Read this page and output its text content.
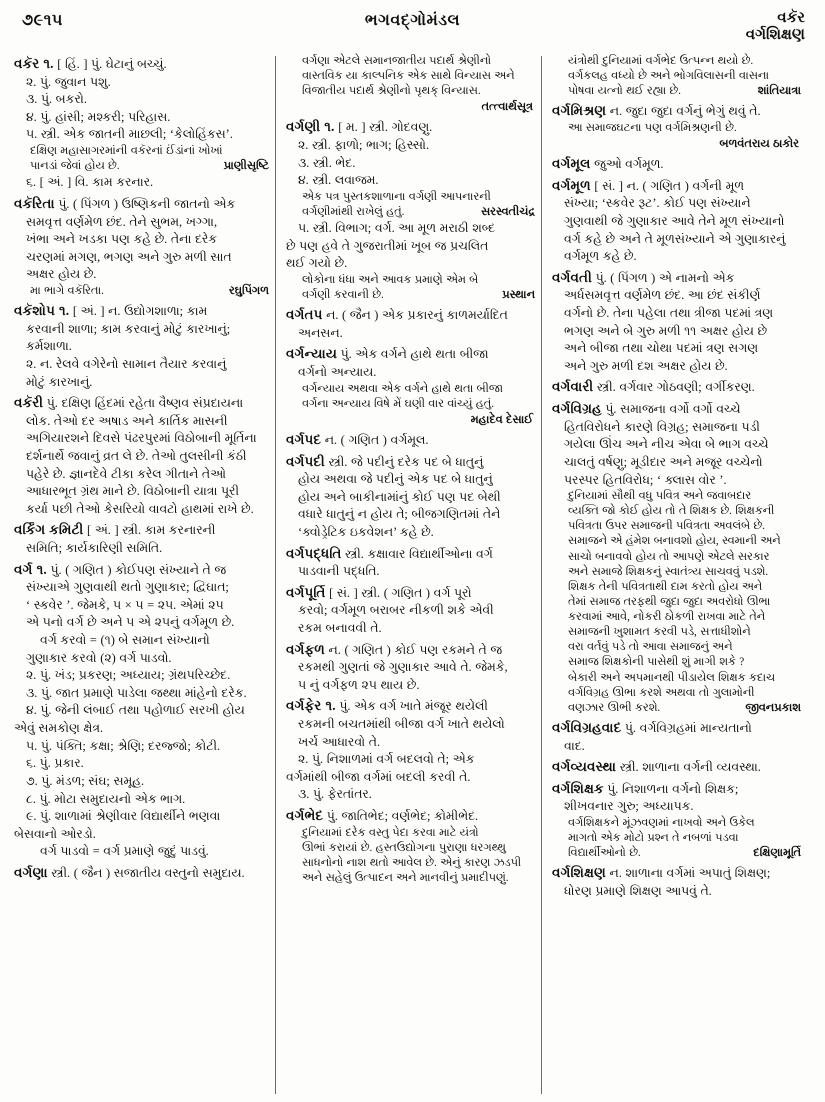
૭૯૧૫	ભગવદ્ગોમંડલ	વકૅર
વર્ગશિક્ષણ

વકૅર ૧. [ હિં. ] પું. ઘેટાનું બચ્ચું.

૨. પું. જુવાન પશુ.

૩. પું. બકરો.

૪. પું. હાંસી; મશ્કરી; પરિહાસ.

૫. સ્ત્રી. એક જાતની માછલી; ‘કેલોહિંકસ’.

દક્ષિણ મહાસાગરમાંની વકૅરનાં ઈંડાંનાં ખોખાં

પાનડાં જેવાં હોય છે.	પ્રાણીસૃષ્ટિ

૬. [ અં. ] વિ. કામ કરનાર.

વકૅરિતા પું. ( પિંગળ ) ઉષ્ણિકની જાતનો એક

સમવૃત્ત વર્ણમેળ છંદ. તેને સુભમ, ખગ્ગા,

ખંભા અને ખડકા પણ કહે છે. તેના દરેક

ચરણમાં મગણ, ભગણ અને ગુરુ મળી સાત

અક્ષર હોય છે.

મા ભાગે વકૅરિતા.	રઘુપિંગળ

વકૅશોપ ૧. [ અં. ] ન. ઉદ્યોગશાળા; કામ

કરવાની શાળા; કામ કરવાનું મોટું કારખાનું;

કર્મશાળા.

૨. ન. રેલવે વગેરેનો સામાન તૈયાર કરવાનું

મોટું કારખાનું.

વકૅરી પું. દક્ષિણ હિંદમાં રહેતા વૈષ્ણવ સંપ્રદાયના

લોક. તેઓ દર અષાડ અને કાર્તિક માસની

અગિયારશને દિવસે પંઢરપુરમાં વિઠોબાની મૂર્તિના

દર્શનાર્થે જવાનું વ્રત લે છે. તેઓ તુલસીની કંઠી

પહેરે છે. જ્ઞાનદેવે ટીકા કરેલ ગીતાને તેઓ

આધારભૂત ગ્રંથ માને છે. વિઠોબાની યાત્રા પૂરી

કર્યા પછી તેઓ કેસરિયો વાવટો હાથમાં રાખે છે.

વર્કિંગ કમિટી [ અં. ] સ્ત્રી. કામ કરનારની

સમિતિ; કાર્યકારિણી સમિતિ.

વર્ગ ૧. પું. ( ગણિત ) કોઈપણ સંખ્યાને તે જ

સંખ્યાએ ગુણવાથી થતો ગુણાકાર; દ્વિઘાત;

‘ સ્કવેર ’. જેમકે, ૫ × ૫ = ૨૫. એમાં ૨૫

એ ૫નો વર્ગ છે અને ૫ એ ૨૫નું વર્ગમૂળ છે.

વર્ગ કરવો = (૧) બે સમાન સંખ્યાનો

ગુણાકાર કરવો (૨) વર્ગ પાડવો.

૨. પું. ખંડ; પ્રકરણ; અધ્યાય; ગ્રંથપરિચ્છેદ.

૩. પું. જાત પ્રમાણે પાડેલા જથ્થા માંહેનો દરેક.

૪. પું. જેની લંબાઈ તથા પહોળાઈ સરખી હોય

એવું સમકોણ ક્ષેત્ર.

૫. પું. પંક્તિ; કક્ષા; શ્રેણિ; દરજ્જો; કોટી.

૬. પું. પ્રકાર.

૭. પું. મંડળ; સંઘ; સમૂહ.

૮. પું. મોટા સમુદાયનો એક ભાગ.

૯. પું. શાળામાં શ્રેણીવાર વિદ્યાર્થીને ભણવા

બેસવાનો ઓરડો.

વર્ગ પાડવો = વર્ગ પ્રમાણે જુદું પાડવું.

વર્ગણા સ્ત્રી. ( જૈન ) સજાતીય વસ્તુનો સમુદાય.

વર્ગણા એટલે સમાનજાતીય પદાર્થ શ્રેણીનો

વાસ્તવિક યા કાલ્પનિક એક સાથે વિન્યાસ અને

વિજાતીય પદાર્થ શ્રેણીનો પૃથક્ વિન્યાસ.

તત્ત્વાર્થસૂત્ર

વર્ગણી ૧. [ મ. ] સ્ત્રી. ગોદવણુ.

૨. સ્ત્રી. ફાળો; ભાગ; હિસ્સો.

૩. સ્ત્રી. ભેદ.

૪. સ્ત્રી. લવાજમ.

એક પત્ર પુસ્તકશાળાના વર્ગણી આપનારની

વર્ગણીમાંથી રાખેલું હતું.	સરસ્વતીચંદ્ર

૫. સ્ત્રી. વિભાગ; વર્ગ. આ મૂળ મરાઠી શબ્દ

છે પણ હવે તે ગુજરાતીમાં ખૂબ જ પ્રચલિત

થઈ ગયો છે.

લોકોના ધંધા અને આવક પ્રમાણે એમ બે

વર્ગણી કરવાની છે.	પ્રસ્થાન

વર્ગતપ ન. ( જૈન ) એક પ્રકારનું કાળમર્યાદિત

અનસન.

વર્ગન્યાય પું. એક વર્ગને હાથે થતા બીજા

વર્ગનો અન્યાય.

વર્ગન્યાય અથવા એક વર્ગને હાથે થતા બીજા

વર્ગના અન્યાય વિષે મેં ઘણી વાર વાંચ્યું હતું.

મહાદેવ દેસાઈ

વર્ગપદ ન. ( ગણિત ) વર્ગમૂલ.

વર્ગપદી સ્ત્રી. જે પદીનું દરેક પદ બે ધાતુનું

હોય અથવા જે પદીનું એક પદ બે ધાતુનું

હોય અને બાકીનામાંનું કોઈ પણ પદ બેથી

વધારે ધાતુનું ન હોય તે; બીજગણિતમાં તેને

‘ક્વોડ્રેટિક ઇકવેશન’ કહે છે.

વર્ગપદ્ધતિ સ્ત્રી. કક્ષાવાર વિદ્યાર્થીઓના વર્ગ

પાડવાની પદ્ધતિ.

વર્ગપૂર્તિ [ સં. ] સ્ત્રી. ( ગણિત ) વર્ગ પૂરો

કરવો; વર્ગમૂળ બરાબર નીકળી શકે એવી

રકમ બનાવવી તે.

વર્ગફળ ન. ( ગણિત ) કોઈ પણ રકમને તે જ

રકમથી ગુણતાં જે ગુણાકાર આવે તે. જેમકે,

૫ નું વર્ગફળ ૨૫ થાય છે.

વર્ગફેર ૧. પું. એક વર્ગ ખાતે મંજૂર થયેલી

રકમની બચતમાંથી બીજા વર્ગ ખાતે થયેલો

ખર્ચ આધારવો તે.

૨. પું. નિશાળમાં વર્ગ બદલવો તે; એક

વર્ગમાંથી બીજા વર્ગમાં બદલી કરવી તે.

૩. પું. ફેરતાંતર.

વર્ગભેદ પું. જાતિભેદ; વર્ણભેદ; કોમીભેદ.

દુનિયામાં દરેક વસ્તુ પેદા કરવા માટે યંત્રો

ઊભાં કરાયાં છે. હસ્તઉદ્યોગના પુરાણા ધરગથ્થુ

સાધનોનો નાશ થતો આવેલ છે. એનું કારણ ઝડપી

અને સહેલું ઉત્પાદન અને માનવીનું પ્રમાદીપણું.

યંત્રોથી દુનિયામાં વર્ગભેદ ઉત્પન્ન થયો છે.

વર્ગકલહ વધ્યો છે અને ભોગવિલાસની વાસના

પોષવા યત્નો થઈ રહ્યા છે.	શાંતિયાત્રા

વર્ગમિશ્રણ ન. જુદા જુદા વર્ગનું ભેગું થવું તે.

આ સમાજઘટના પણ વર્ગમિશ્રણની છે.

બળવંતરાય ઠાકોર

વર્ગમૂલ જુઓ વર્ગમૂળ.

વર્ગમૂળ [ સં. ] ન. ( ગણિત ) વર્ગની મૂળ

સંખ્યા; ‘સ્કવેર રૂટ’. કોઈ પણ સંખ્યાને

ગુણવાથી જે ગુણાકાર આવે તેને મૂળ સંખ્યાનો

વર્ગ કહે છે અને તે મૂળસંખ્યાને એ ગુણાકારનું

વર્ગમૂળ કહે છે.

વર્ગવતી પું. ( પિંગળ ) એ નામનો એક

અર્ધસમવૃત્ત વર્ણમેળ છંદ. આ છંદ સંકીર્ણ

વર્ગનો છે. તેના પહેલા તથા ત્રીજા પદમાં ત્રણ

ભગણ અને બે ગુરુ મળી ૧૧ અક્ષર હોય છે

અને બીજા તથા ચોથા પદમાં ત્રણ સગણ

અને ગુરુ મળી દશ અક્ષર હોય છે.

વર્ગવારી સ્ત્રી. વર્ગવાર ગોઠવણી; વર્ગીકરણ.

વર્ગવિગ્રહ પું. સમાજના વર્ગો વર્ગો વચ્ચે

હિતવિરોધને કારણે વિગ્રહ; સમાજના પડી

ગયેલા ઊંચ અને નીચ એવા બે ભાગ વચ્ચે

ચાલતું વર્ષણુ; મૂડીદાર અને મજૂર વચ્ચેનો

પરસ્પર હિતવિરોધ; ‘ ક્લાસ વોર ’.

દુનિયામાં સૌથી વધુ પવિત્ર અને જવાબદાર

વ્યક્તિ જો કોઈ હોય તો તે શિક્ષક છે. શિક્ષકની

પવિત્રતા ઉપર સમાજની પવિત્રતા અવલંબે છે.

સમાજને એ હંમેશ બનાવશો હોય, સ્વમાની અને

સાચો બનાવવો હોય તો આપણે એટલે સરકાર

અને સમાજે શિક્ષકનું સ્વાતંત્ર્ય સાચવવું પડશે.

શિક્ષક તેની પવિત્રતાથી દામ કરતો હોય અને

તેમાં સમાજ તરફથી જુદા જુદા અવરોધો ઊભા

કરવામાં આવે, નોકરી ઠોકળી રાખવા માટે તેને

સમાજની ખુશામત કરવી પડે, સત્તાધીશોને

વરા વર્તવું પડે તો આવા સમાજનું અને

સમાજ શિક્ષકોની પાસેથી શું માગી શકે ?

બેકારી અને અપમાનથી પીડાયેલ શિક્ષક કદાચ

વર્ગવિગ્રહ ઊભા કરશે અથવા તો ગુલામોની

વણઝાર ઊભી કરશે.	જીવનપ્રકાશ

વર્ગવિગ્રહવાદ પું. વર્ગવિગ્રહમાં માન્યતાનો

વાદ.

વર્ગવ્યવસ્થા સ્ત્રી. શાળાના વર્ગની વ્યવસ્થા.

વર્ગશિક્ષક પું. નિશાળના વર્ગનો શિક્ષક;

શીખવનાર ગુરુ; અધ્યાપક.

વર્ગશિક્ષકને મૂંઝવણમાં નાખવો અને ઉકેલ

માગતો એક મોટો પ્રશ્ન તે નબળાં પડવા

વિદ્યાર્થીઓનો છે.	દક્ષિણામૂર્તિ

વર્ગશિક્ષણ ન. શાળાના વર્ગમાં અપાતું શિક્ષણ;

ધોરણ પ્રમાણે શિક્ષણ આપવું તે.
